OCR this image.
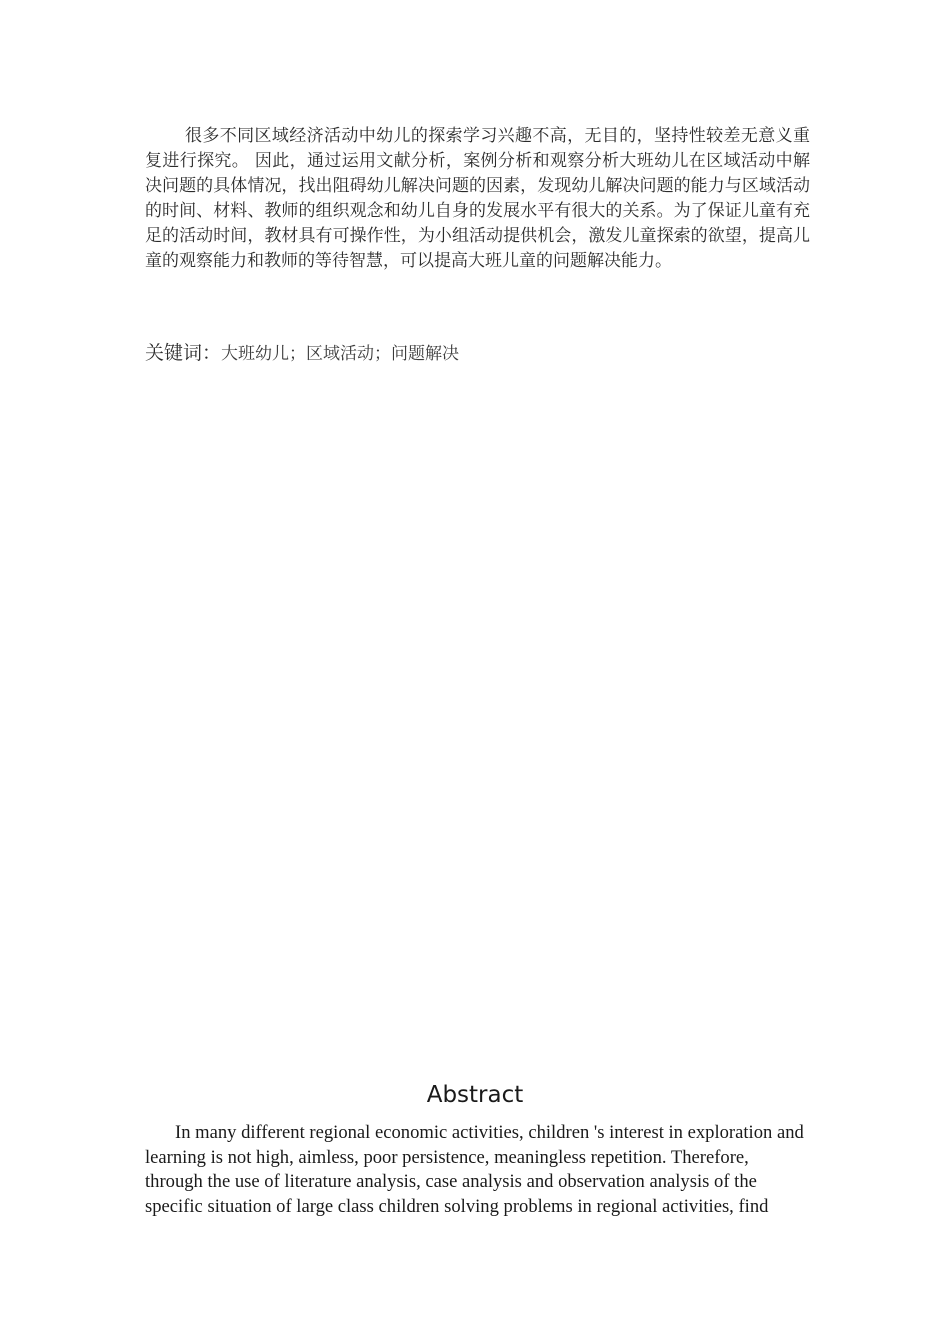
很多不同区域经济活动中幼儿的探索学习兴趣不高，无目的，坚持性较差无意义重复进行探究。 因此，通过运用文献分析，案例分析和观察分析大班幼儿在区域活动中解决问题的具体情况，找出阻碍幼儿解决问题的因素，发现幼儿解决问题的能力与区域活动的时间、材料、教师的组织观念和幼儿自身的发展水平有很大的关系。为了保证儿童有充足的活动时间，教材具有可操作性，为小组活动提供机会，激发儿童探索的欲望，提高儿童的观察能力和教师的等待智慧，可以提高大班儿童的问题解决能力。

关键词：大班幼儿；区域活动；问题解决

Abstract

In many different regional economic activities, children 's interest in exploration and learning is not high, aimless, poor persistence, meaningless repetition. Therefore, through the use of literature analysis, case analysis and observation analysis of the specific situation of large class children solving problems in regional activities, find
